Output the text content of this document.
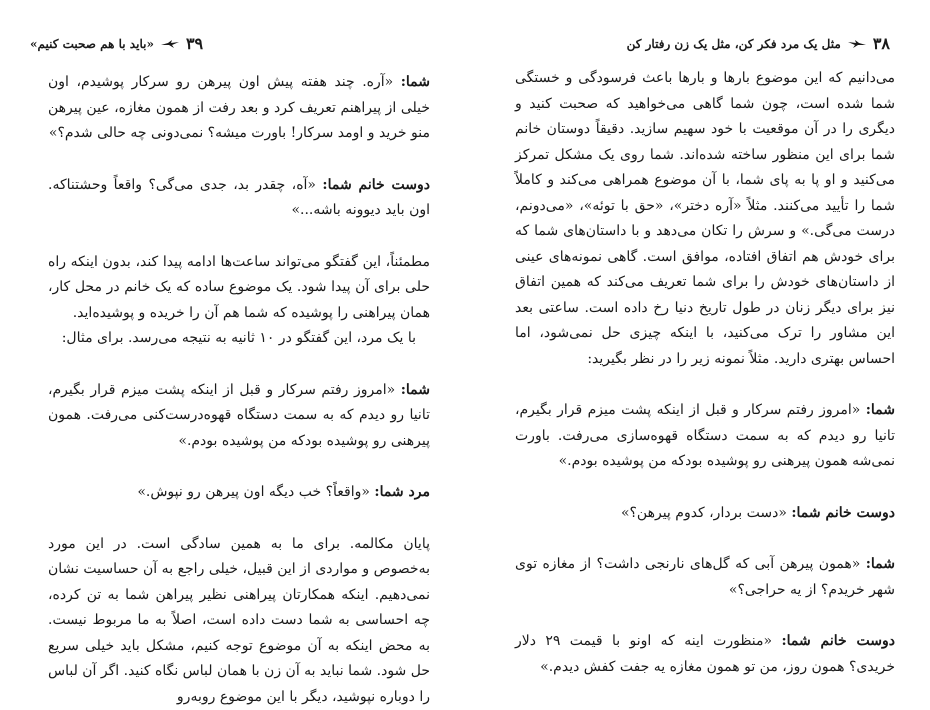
۳۹
«باید با هم صحبت کنیم»

شما: «آره. چند هفته پیش اون پیرهن رو سرکار پوشیدم، اون خیلی از پیراهنم تعریف کرد و بعد رفت از همون مغازه، عین پیرهن منو خرید و اومد سرکار! باورت میشه؟ نمی‌دونی چه حالی شدم؟»

دوست خانم شما: «آه، چقدر بد، جدی می‌گی؟ واقعاً وحشتناکه. اون باید دیوونه باشه...»

مطمئناً، این گفتگو می‌تواند ساعت‌ها ادامه پیدا کند، بدون اینکه راه حلی برای آن پیدا شود. یک موضوع ساده که یک خانم در محل کار، همان پیراهنی را پوشیده که شما هم آن را خریده و پوشیده‌اید.

با یک مرد، این گفتگو در ۱۰ ثانیه به نتیجه می‌رسد. برای مثال:

شما: «امروز رفتم سرکار و قبل از اینکه پشت میزم قرار بگیرم، تانیا رو دیدم که به سمت دستگاه قهوه‌درست‌کنی می‌رفت. همون پیرهنی رو پوشیده بودکه من پوشیده بودم.»

مرد شما: «واقعاً؟ خب دیگه اون پیرهن رو نپوش.»

پایان مکالمه. برای ما به همین سادگی است. در این مورد به‌خصوص و مواردی از این قبیل، خیلی راجع به آن حساسیت نشان نمی‌دهیم. اینکه همکارتان پیراهنی نظیر پیراهن شما به تن کرده، چه احساسی به شما دست داده است، اصلاً به ما مربوط نیست. به محض اینکه به آن موضوع توجه کنیم، مشکل باید خیلی سریع حل شود. شما نباید به آن زن با همان لباس نگاه کنید. اگر آن لباس را دوباره نپوشید، دیگر با این موضوع روبه‌رو

۳۸
مثل یک مرد فکر کن، مثل یک زن رفتار کن

می‌دانیم که این موضوع بارها و بارها باعث فرسودگی و خستگی شما شده است، چون شما گاهی می‌خواهید که صحبت کنید و دیگری را در آن موقعیت با خود سهیم سازید. دقیقاً دوستان خانم شما برای این منظور ساخته شده‌اند. شما روی یک مشکل تمرکز می‌کنید و او پا به پای شما، با آن موضوع همراهی می‌کند و کاملاً شما را تأیید می‌کنند. مثلاً «آره دختر»، «حق با توئه»، «می‌دونم، درست می‌گی.» و سرش را تکان می‌دهد و با داستان‌های شما که برای خودش هم اتفاق افتاده، موافق است. گاهی نمونه‌های عینی از داستان‌های خودش را برای شما تعریف می‌کند که همین اتفاق نیز برای دیگر زنان در طول تاریخ دنیا رخ داده است. ساعتی بعد این مشاور را ترک می‌کنید، با اینکه چیزی حل نمی‌شود، اما احساس بهتری دارید. مثلاً نمونه زیر را در نظر بگیرید:

شما: «امروز رفتم سرکار و قبل از اینکه پشت میزم قرار بگیرم، تانیا رو دیدم که به سمت دستگاه قهوه‌سازی می‌رفت. باورت نمی‌شه همون پیرهنی رو پوشیده بودکه من پوشیده بودم.»

دوست خانم شما: «دست بردار، کدوم پیرهن؟»

شما: «همون پیرهن آبی که گل‌های نارنجی داشت؟ از مغازه توی شهر خریدم؟ از یه حراجی؟»

دوست خانم شما: «منظورت اینه که اونو با قیمت ۲۹ دلار خریدی؟ همون روز، من تو همون مغازه یه جفت کفش دیدم.»
